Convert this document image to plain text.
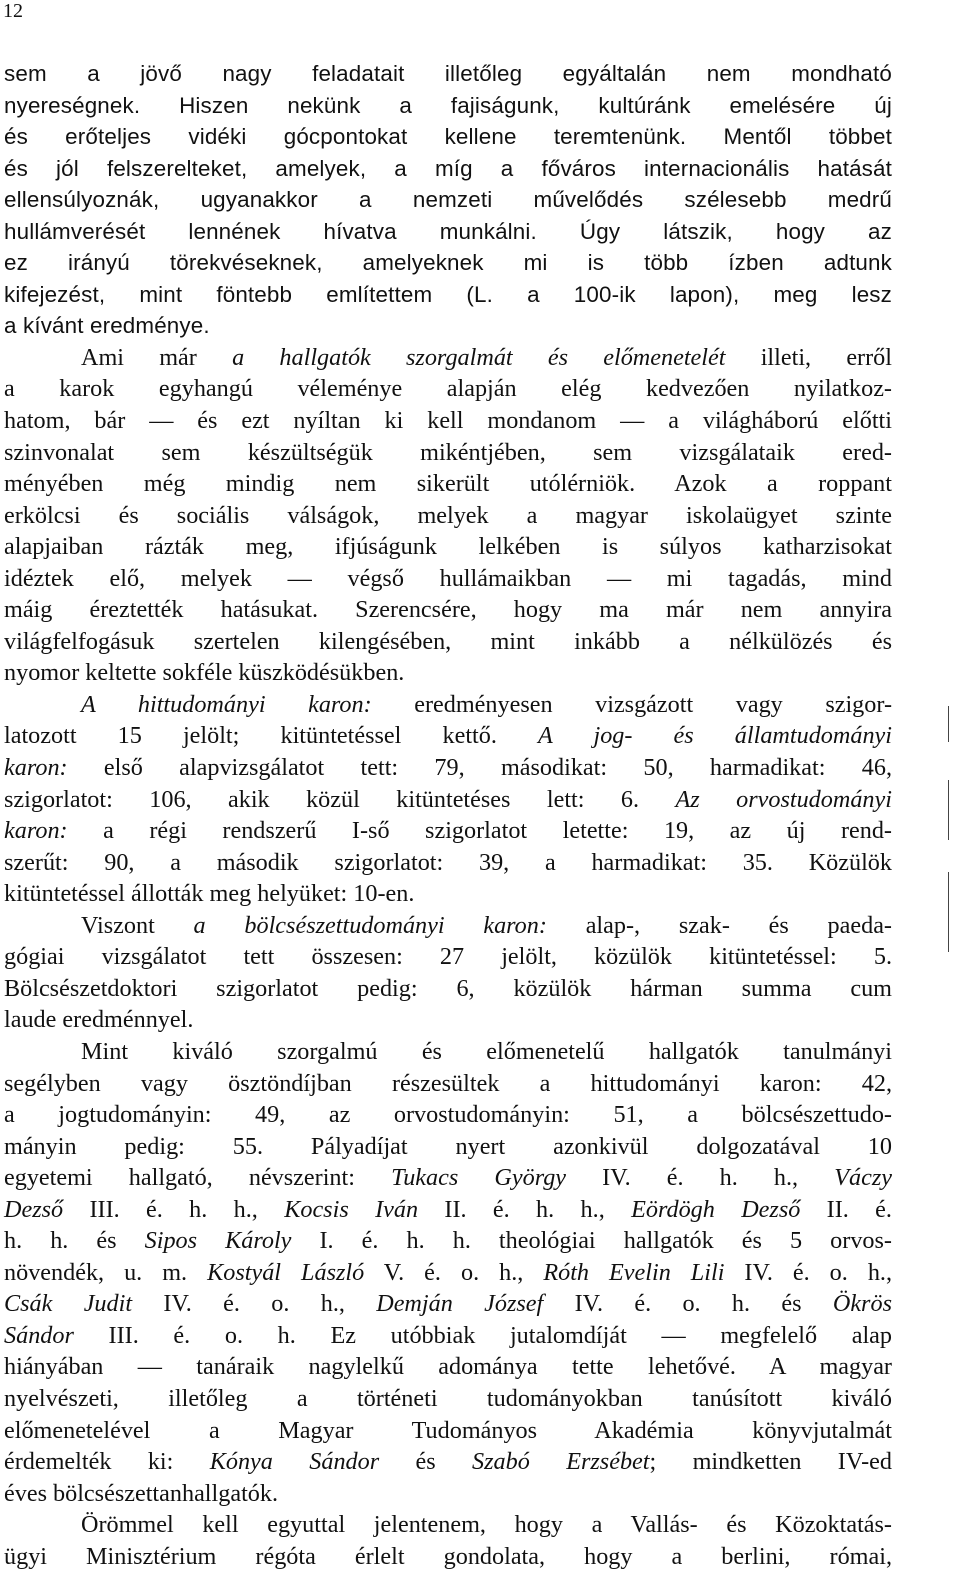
12
sem a jövő nagy feladatait illetőleg egyáltalán nem mondható
nyereségnek. Hiszen nekünk a fajiságunk, kultúránk emelésére új
és erőteljes vidéki gócpontokat kellene teremtenünk. Mentől többet
és jól felszerelteket, amelyek, a míg a főváros internacionális hatását
ellensúlyoznák, ugyanakkor a nemzeti művelődés szélesebb medrű
hullámverését lennének hívatva munkálni. Úgy látszik, hogy az
ez irányú törekvéseknek, amelyeknek mi is több ízben adtunk
kifejezést, mint föntebb említettem (L. a 100-ik lapon), meg lesz
a kívánt eredménye.
Ami már a hallgatók szorgalmát és előmenetelét illeti, erről
a karok egyhangú véleménye alapján elég kedvezően nyilatkoz-
hatom, bár — és ezt nyíltan ki kell mondanom — a világháború előtti
szinvonalat sem készültségük mikéntjében, sem vizsgálataik ered-
ményében még mindig nem sikerült utólérniök. Azok a roppant
erkölcsi és sociális válságok, melyek a magyar iskolaügyet szinte
alapjaiban rázták meg, ifjúságunk lelkében is súlyos katharzisokat
idéztek elő, melyek — végső hullámaikban — mi tagadás, mind
máig éreztették hatásukat. Szerencsére, hogy ma már nem annyira
világfelfogásuk szertelen kilengésében, mint inkább a nélkülözés és
nyomor keltette sokféle küszködésükben.
A hittudományi karon: eredményesen vizsgázott vagy szigor-
latozott 15 jelölt; kitüntetéssel kettő. A jog- és államtudományi
karon: első alapvizsgálatot tett: 79, másodikat: 50, harmadikat: 46,
szigorlatot: 106, akik közül kitüntetéses lett: 6. Az orvostudományi
karon: a régi rendszerű I-ső szigorlatot letette: 19, az új rend-
szerűt: 90, a második szigorlatot: 39, a harmadikat: 35. Közülök
kitüntetéssel állották meg helyüket: 10-en.
Viszont a bölcsészettudományi karon: alap-, szak- és paeda-
gógiai vizsgálatot tett összesen: 27 jelölt, közülök kitüntetéssel: 5.
Bölcsészetdoktori szigorlatot pedig: 6, közülök hárman summa cum
laude eredménnyel.
Mint kiváló szorgalmú és előmenetelű hallgatók tanulmányi
segélyben vagy ösztöndíjban részesültek a hittudományi karon: 42,
a jogtudományin: 49, az orvostudományin: 51, a bölcsészettudo-
mányin pedig: 55. Pályadíjat nyert azonkivül dolgozatával 10
egyetemi hallgató, névszerint: Tukacs György IV. é. h. h., Váczy
Dezső III. é. h. h., Kocsis Iván II. é. h. h., Eördögh Dezső II. é.
h. h. és Sipos Károly I. é. h. h. theológiai hallgatók és 5 orvos-
növendék, u. m. Kostyál László V. é. o. h., Róth Evelin Lili IV. é. o. h.,
Csák Judit IV. é. o. h., Demján József IV. é. o. h. és Ökrös
Sándor III. é. o. h. Ez utóbbiak jutalomdíját — megfelelő alap
hiányában — tanáraik nagylelkű adománya tette lehetővé. A magyar
nyelvészeti, illetőleg a történeti tudományokban tanúsított kiváló
előmenetelével a Magyar Tudományos Akadémia könyvjutalmát
érdemelték ki: Kónya Sándor és Szabó Erzsébet; mindketten IV-ed
éves bölcsészettanhallgatók.
Örömmel kell egyuttal jelentenem, hogy a Vallás- és Közoktatás-
ügyi Minisztérium régóta érlelt gondolata, hogy a berlini, római,
